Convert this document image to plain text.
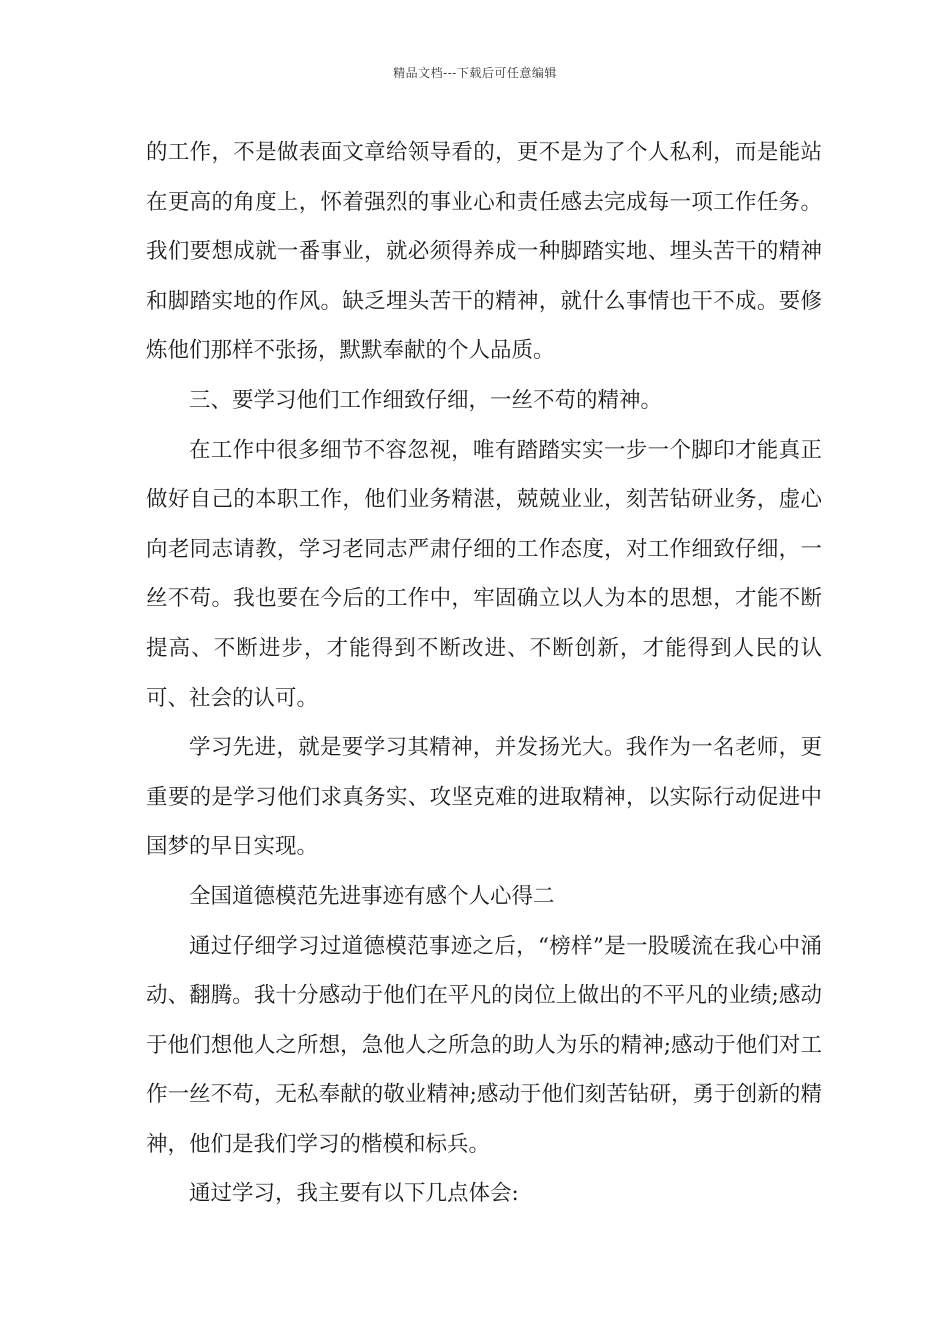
精品文档---下载后可任意编辑

的工作，不是做表面文章给领导看的，更不是为了个人私利，而是能站在更高的角度上，怀着强烈的事业心和责任感去完成每一项工作任务。我们要想成就一番事业，就必须得养成一种脚踏实地、埋头苦干的精神和脚踏实地的作风。缺乏埋头苦干的精神，就什么事情也干不成。要修炼他们那样不张扬，默默奉献的个人品质。

三、要学习他们工作细致仔细，一丝不苟的精神。

在工作中很多细节不容忽视，唯有踏踏实实一步一个脚印才能真正做好自己的本职工作，他们业务精湛，兢兢业业，刻苦钻研业务，虚心向老同志请教，学习老同志严肃仔细的工作态度，对工作细致仔细，一丝不苟。我也要在今后的工作中，牢固确立以人为本的思想，才能不断提高、不断进步，才能得到不断改进、不断创新，才能得到人民的认可、社会的认可。

学习先进，就是要学习其精神，并发扬光大。我作为一名老师，更重要的是学习他们求真务实、攻坚克难的进取精神，以实际行动促进中国梦的早日实现。

全国道德模范先进事迹有感个人心得二

通过仔细学习过道德模范事迹之后，“榜样”是一股暖流在我心中涌动、翻腾。我十分感动于他们在平凡的岗位上做出的不平凡的业绩;感动于他们想他人之所想，急他人之所急的助人为乐的精神;感动于他们对工作一丝不苟，无私奉献的敬业精神;感动于他们刻苦钻研，勇于创新的精神，他们是我们学习的楷模和标兵。

通过学习，我主要有以下几点体会:
